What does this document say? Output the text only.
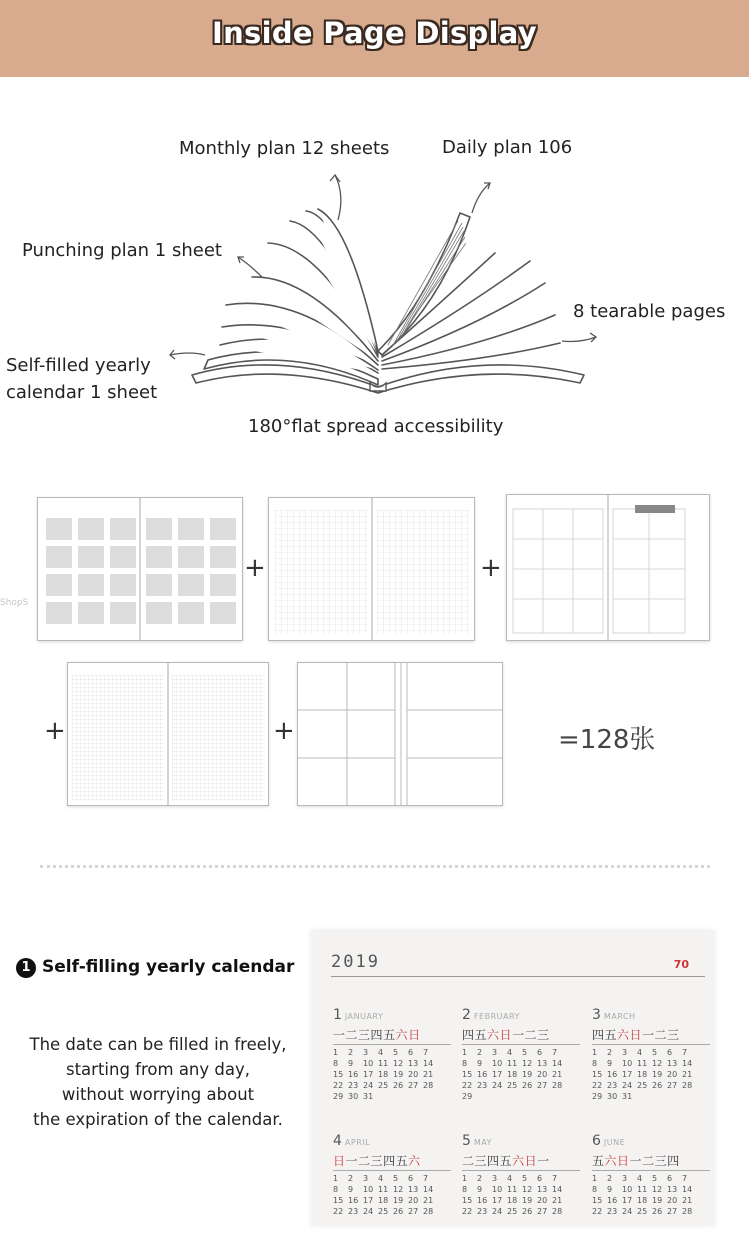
Inside Page Display
Monthly plan 12 sheets	Daily plan 106
Punching plan 1 sheet
8 tearable pages
Self-filled yearly
calendar 1 sheet
180°flat spread accessibility
+	+
ShopS
+	+	=128张
1 Self-filling yearly calendar
The date can be filled in freely,
starting from any day,
without worrying about
the expiration of the calendar.
2019	70
1 JANUARY
一二三四五六日
1	2	3	4	5	6	7
8	9	10 11 12 13 14
15 16 17 18 19 20 21
22 23 24 25 26 27 28
29 30 31
2 FEBRUARY
四五六日一二三
1	2	3	4	5	6	7
8	9	10 11 12 13 14
15 16 17 18 19 20 21
22 23 24 25 26 27 28
29
3 MARCH
四五六日一二三
1	2	3	4	5	6	7
8	9	10 11 12 13 14
15 16 17 18 19 20 21
22 23 24 25 26 27 28
29 30 31
4 APRIL
日一二三四五六
1	2	3	4	5	6	7
8	9	10 11 12 13 14
15 16 17 18 19 20 21
22 23 24 25 26 27 28
5 MAY
二三四五六日一
1	2	3	4	5	6	7
8	9	10 11 12 13 14
15 16 17 18 19 20 21
22 23 24 25 26 27 28
6 JUNE
五六日一二三四
1	2	3	4	5	6	7
8	9	10 11 12 13 14
15 16 17 18 19 20 21
22 23 24 25 26 27 28
